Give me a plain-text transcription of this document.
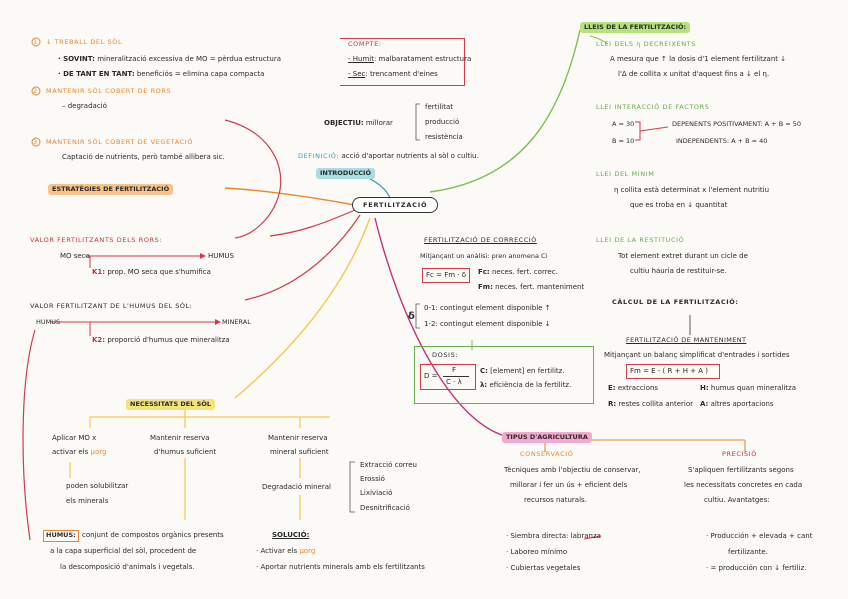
1
2
3
↓ TREBALL DEL SÒL
· SOVINT: mineralització excessiva de MO = pèrdua estructura
· DE TANT EN TANT: beneficiós = elimina capa compacta
COMPTE:
- Humit: malbaratament estructura
- Sec: trencament d'eines
MANTENIR SÒL COBERT DE RORS
– degradació
MANTENIR SÒL COBERT DE VEGETACIÓ
Captació de nutrients, però també allibera sic.
ESTRATÈGIES DE FERTILITZACIÓ
VALOR FERTILITZANTS DELS RORS:
MO seca	HUMUS
K1: prop. MO seca que s'humifica
VALOR FERTILITZANT DE L'HUMUS DEL SÒL:
HUMUS	MINERAL
K2: proporció d'humus que mineralitza
NECESSITATS DEL SÒL
Aplicar MO x
activar els µorg
poden solubilitzar
els minerals
Mantenir reserva
d'humus suficient
Mantenir reserva
mineral suficient
Degradació mineral
Extracció correu
Erossió
Lixiviació
Desnitrificació
SOLUCIÓ:
· Activar els µorg
· Aportar nutrients minerals amb els fertilitzants
HUMUS: conjunt de compostos orgànics presents
a la capa superficial del sòl, procedent de
la descomposició d'animals i vegetals.
OBJECTIU: millorar
fertilitat
producció
resistència
DEFINICIÓ: acció d'aportar nutrients al sòl o cultiu.
INTRODUCCIÓ
FERTILITZACIÓ
LLEIS DE LA FERTILITZACIÓ:
LLEI DELS η DECREIXENTS
A mesura que ↑ la dosis d'1 element fertilitzant ↓
l'Δ de collita x unitat d'aquest fins a ↓ el η.
LLEI INTERACCIÓ DE FACTORS
A = 30
B = 10
DEPENENTS POSITIVAMENT: A + B = 50
INDEPENDENTS: A + B = 40
LLEI DEL MÍNIM
η collita està determinat x l'element nutritiu
que es troba en ↓ quantitat
LLEI DE LA RESTITUCIÓ
Tot element extret durant un cicle de
cultiu hauria de restituir-se.
CÀLCUL DE LA FERTILITZACIÓ:
FERTILITZACIÓ DE CORRECCIÓ
Mitjançant un anàlisi: pren anomena Ci
Fc = Fm · δ Fc: neces. fert. correc.
Fm: neces. fert. manteniment
δ
0-1: contingut element disponible ↑
1-2: contingut element disponible ↓
DOSIS:
D =
F
C · λ
C: [element] en fertilitz.
λ: eficiència de la fertilitz.
FERTILITZACIÓ DE MANTENIMENT
Mitjançant un balanç simplificat d'entrades i sortides
Fm = E - ( R + H + A )
E: extraccions	H: humus quan mineralitza
R: restes collita anterior A: altres aportacions
TIPUS D'AGRICULTURA
CONSERVACIÓ
Tècniques amb l'objectiu de conservar,
millorar i fer un ús + eficient dels
recursos naturals.
· Siembra directa: labranza
· Laboreo mínimo
· Cubiertas vegetales
PRECISIÓ
S'apliquen fertilitzants segons
les necessitats concretes en cada
cultiu. Avantatges:
· Producción + elevada + cant
fertilizante.
· = producción con ↓ fertiliz.
